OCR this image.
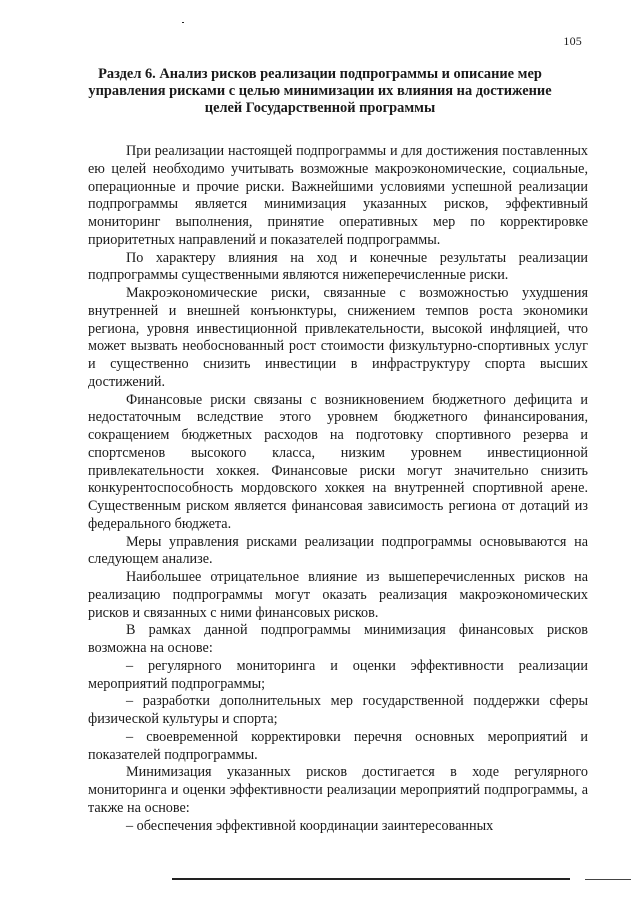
105
Раздел 6. Анализ рисков реализации подпрограммы и описание мер
управления рисками с целью минимизации их влияния на достижение
целей Государственной программы

При реализации настоящей подпрограммы и для достижения поставленных ею целей необходимо учитывать возможные макроэкономические, социальные, операционные и прочие риски. Важнейшими условиями успешной реализации подпрограммы является минимизация указанных рисков, эффективный мониторинг выполнения, принятие оперативных мер по корректировке приоритетных направлений и показателей подпрограммы.

По характеру влияния на ход и конечные результаты реализации подпрограммы существенными являются нижеперечисленные риски.

Макроэкономические риски, связанные с возможностью ухудшения внутренней и внешней конъюнктуры, снижением темпов роста экономики региона, уровня инвестиционной привлекательности, высокой инфляцией, что может вызвать необоснованный рост стоимости физкультурно-спортивных услуг и существенно снизить инвестиции в инфраструктуру спорта высших достижений.

Финансовые риски связаны с возникновением бюджетного дефицита и недостаточным вследствие этого уровнем бюджетного финансирования, сокращением бюджетных расходов на подготовку спортивного резерва и спортсменов высокого класса, низким уровнем инвестиционной привлекательности хоккея. Финансовые риски могут значительно снизить конкурентоспособность мордовского хоккея на внутренней спортивной арене. Существенным риском является финансовая зависимость региона от дотаций из федерального бюджета.

Меры управления рисками реализации подпрограммы основываются на следующем анализе.

Наибольшее отрицательное влияние из вышеперечисленных рисков на реализацию подпрограммы могут оказать реализация макроэкономических рисков и связанных с ними финансовых рисков.

В рамках данной подпрограммы минимизация финансовых рисков возможна на основе:

– регулярного мониторинга и оценки эффективности реализации мероприятий подпрограммы;

– разработки дополнительных мер государственной поддержки сферы физической культуры и спорта;

– своевременной корректировки перечня основных мероприятий и показателей подпрограммы.

Минимизация указанных рисков достигается в ходе регулярного мониторинга и оценки эффективности реализации мероприятий подпрограммы, а также на основе:

– обеспечения эффективной координации заинтересованных
